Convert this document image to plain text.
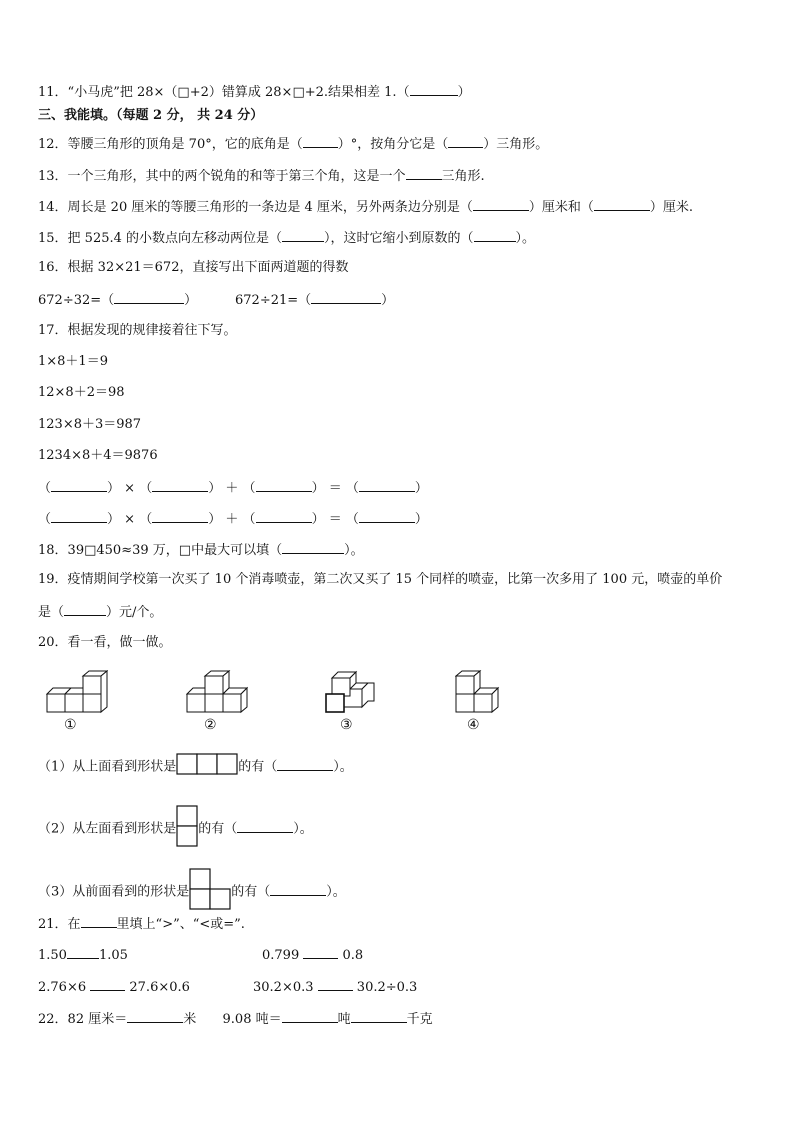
11．“小马虎”把 28×（□+2）错算成 28×□+2.结果相差 1.（	）
三、我能填。（每题 2 分， 共 24 分）
12．等腰三角形的顶角是 70°，它的底角是（	）°，按角分它是（	）三角形。
13．一个三角形，其中的两个锐角的和等于第三个角，这是一个	三角形.
14．周长是 20 厘米的等腰三角形的一条边是 4 厘米，另外两条边分别是（	）厘米和（	）厘米.
15．把 525.4 的小数点向左移动两位是（	），这时它缩小到原数的（	）。
16．根据 32×21＝672，直接写出下面两道题的得数
672÷32=（	）	672÷21=（	）
17．根据发现的规律接着往下写。
1×8＋1＝9
12×8＋2＝98
123×8＋3＝987
1234×8＋4＝9876
（	） × （	） ＋ （	） ＝ （	）
（	） × （	） ＋ （	） ＝ （	）
18．39□450≈39 万，□中最大可以填（	）。
19．疫情期间学校第一次买了 10 个消毒喷壶，第二次又买了 15 个同样的喷壶，比第一次多用了 100 元，喷壶的单价
是（	）元/个。
20．看一看，做一做。
①	②	③	④
（1）从上面看到形状是	的有（	）。
（2）从左面看到形状是 的有（	）。
（3）从前面看到的形状是	的有（	）。
21．在	里填上“>”、“<或=”.
1.50 1.05	0.799	0.8
2.76×6	27.6×0.6	30.2×0.3	30.2÷0.3
22．82 厘米＝	米 9.08 吨＝	吨	千克
